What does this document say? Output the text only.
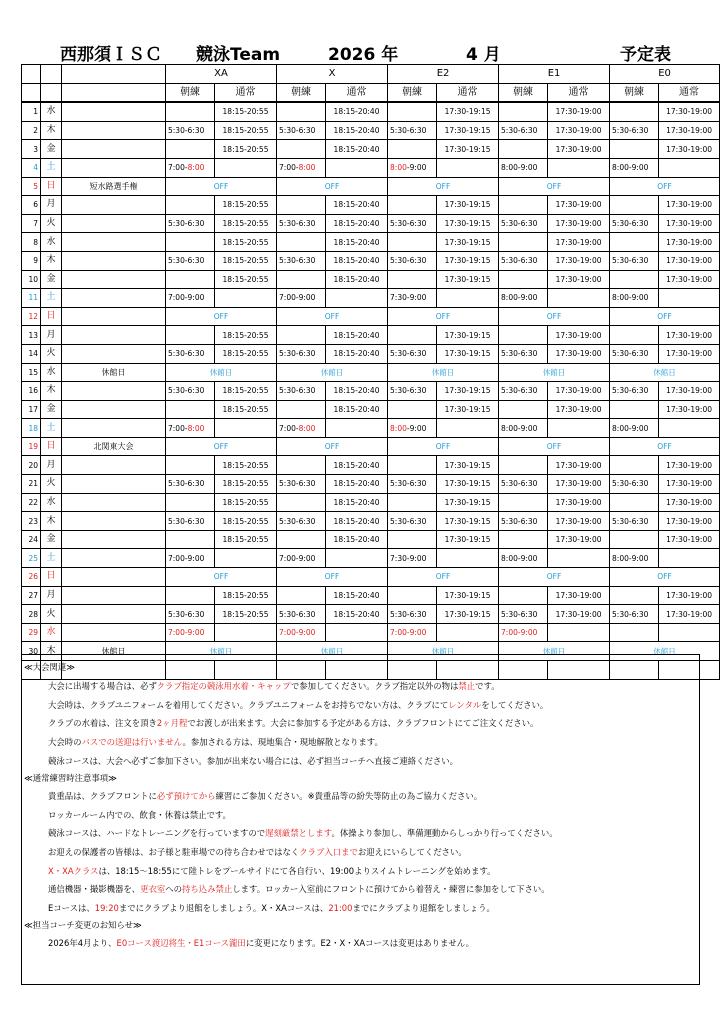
西那須ＩＳＣ 競泳Team	2026 年	4 月	予定表
			XA		X		E2		E1		E0	
			朝練	通常	朝練	通常	朝練	通常	朝練	通常	朝練	通常
1	水			18:15-20:55		18:15-20:40		17:30-19:15		17:30-19:00		17:30-19:00
2	木		5:30-6:30	18:15-20:55	5:30-6:30	18:15-20:40	5:30-6:30	17:30-19:15	5:30-6:30	17:30-19:00	5:30-6:30	17:30-19:00
3	金			18:15-20:55		18:15-20:40		17:30-19:15		17:30-19:00		17:30-19:00
4	土		7:00-8:00		7:00-8:00		8:00-9:00		8:00-9:00		8:00-9:00	
5	日	短水路選手権	OFF		OFF		OFF		OFF		OFF	
6	月			18:15-20:55		18:15-20:40		17:30-19:15		17:30-19:00		17:30-19:00
7	火		5:30-6:30	18:15-20:55	5:30-6:30	18:15-20:40	5:30-6:30	17:30-19:15	5:30-6:30	17:30-19:00	5:30-6:30	17:30-19:00
8	水			18:15-20:55		18:15-20:40		17:30-19:15		17:30-19:00		17:30-19:00
9	木		5:30-6:30	18:15-20:55	5:30-6:30	18:15-20:40	5:30-6:30	17:30-19:15	5:30-6:30	17:30-19:00	5:30-6:30	17:30-19:00
10	金			18:15-20:55		18:15-20:40		17:30-19:15		17:30-19:00		17:30-19:00
11	土		7:00-9:00		7:00-9:00		7:30-9:00		8:00-9:00		8:00-9:00	
12	日		OFF		OFF		OFF		OFF		OFF	
13	月			18:15-20:55		18:15-20:40		17:30-19:15		17:30-19:00		17:30-19:00
14	火		5:30-6:30	18:15-20:55	5:30-6:30	18:15-20:40	5:30-6:30	17:30-19:15	5:30-6:30	17:30-19:00	5:30-6:30	17:30-19:00
15	水	休館日	休館日		休館日		休館日		休館日		休館日	
16	木		5:30-6:30	18:15-20:55	5:30-6:30	18:15-20:40	5:30-6:30	17:30-19:15	5:30-6:30	17:30-19:00	5:30-6:30	17:30-19:00
17	金			18:15-20:55		18:15-20:40		17:30-19:15		17:30-19:00		17:30-19:00
18	土		7:00-8:00		7:00-8:00		8:00-9:00		8:00-9:00		8:00-9:00	
19	日	北関東大会	OFF		OFF		OFF		OFF		OFF	
20	月			18:15-20:55		18:15-20:40		17:30-19:15		17:30-19:00		17:30-19:00
21	火		5:30-6:30	18:15-20:55	5:30-6:30	18:15-20:40	5:30-6:30	17:30-19:15	5:30-6:30	17:30-19:00	5:30-6:30	17:30-19:00
22	水			18:15-20:55		18:15-20:40		17:30-19:15		17:30-19:00		17:30-19:00
23	木		5:30-6:30	18:15-20:55	5:30-6:30	18:15-20:40	5:30-6:30	17:30-19:15	5:30-6:30	17:30-19:00	5:30-6:30	17:30-19:00
24	金			18:15-20:55		18:15-20:40		17:30-19:15		17:30-19:00		17:30-19:00
25	土		7:00-9:00		7:00-9:00		7:30-9:00		8:00-9:00		8:00-9:00	
26	日		OFF		OFF		OFF		OFF		OFF	
27	月			18:15-20:55		18:15-20:40		17:30-19:15		17:30-19:00		17:30-19:00
28	火		5:30-6:30	18:15-20:55	5:30-6:30	18:15-20:40	5:30-6:30	17:30-19:15	5:30-6:30	17:30-19:00	5:30-6:30	17:30-19:00
29	水		7:00-9:00		7:00-9:00		7:00-9:00		7:00-9:00			
30	木	休館日	休館日		休館日		休館日		休館日		休館日	

≪大会関連≫
大会に出場する場合は、必ずクラブ指定の競泳用水着・キャップで参加してください。クラブ指定以外の物は禁止です。
大会時は、クラブユニフォームを着用してください。クラブユニフォームをお持ちでない方は、クラブにてレンタルをしてください。
クラブの水着は、注文を頂き2ヶ月程でお渡しが出来ます。大会に参加する予定がある方は、クラブフロントにてご注文ください。
大会時のバスでの送迎は行いません。参加される方は、現地集合・現地解散となります。
競泳コースは、大会へ必ずご参加下さい。参加が出来ない場合には、必ず担当コーチへ直接ご連絡ください。
≪通常練習時注意事項≫
貴重品は、クラブフロントに必ず預けてから練習にご参加ください。※貴重品等の紛失等防止の為ご協力ください。
ロッカールーム内での、飲食・休養は禁止です。
競泳コースは、ハードなトレーニングを行っていますので遅刻厳禁とします。体操より参加し、準備運動からしっかり行ってください。
お迎えの保護者の皆様は、お子様と駐車場での待ち合わせではなくクラブ入口までお迎えにいらしてください。
X・XAクラスは、18:15～18:55にて陸トレをプールサイドにて各自行い、19:00よりスイムトレーニングを始めます。
通信機器・撮影機器を、更衣室への持ち込み禁止します。ロッカー入室前にフロントに預けてから着替え・練習に参加をして下さい。
Eコースは、19:20までにクラブより退館をしましょう。X・XAコースは、21:00までにクラブより退館をしましょう。
≪担当コーチ変更のお知らせ≫
2026年4月より、E0コース渡辺将生・E1コース瀧田に変更になります。E2・X・XAコースは変更はありません。
